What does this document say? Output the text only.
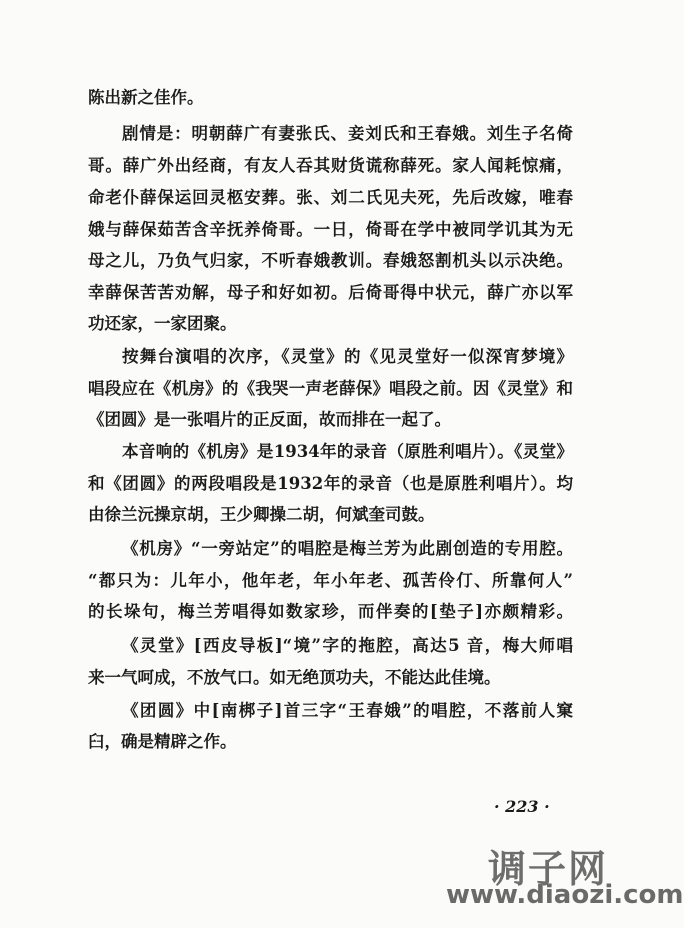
陈出新之佳作。
剧情是：明朝薛广有妻张氏、妾刘氏和王春娥。刘生子名倚
哥。薛广外出经商，有友人吞其财货谎称薛死。家人闻耗惊痛，
命老仆薛保运回灵柩安葬。张、刘二氏见夫死，先后改嫁，唯春
娥与薛保茹苦含辛抚养倚哥。一日，倚哥在学中被同学讥其为无
母之儿，乃负气归家，不听春娥教训。春娥怒割机头以示决绝。
幸薛保苦苦劝解，母子和好如初。后倚哥得中状元，薛广亦以军
功还家，一家团聚。
按舞台演唱的次序，《灵堂》的《见灵堂好一似深宵梦境》
唱段应在《机房》的《我哭一声老薛保》唱段之前。因《灵堂》和
《团圆》是一张唱片的正反面，故而排在一起了。
本音响的《机房》是1934年的录音（原胜利唱片）。《灵堂》
和《团圆》的两段唱段是1932年的录音（也是原胜利唱片）。均
由徐兰沅操京胡，王少卿操二胡，何斌奎司鼓。
《机房》“一旁站定”的唱腔是梅兰芳为此剧创造的专用腔。
“都只为：儿年小，他年老，年小年老、孤苦伶仃、所靠何人”
的长垛句，梅兰芳唱得如数家珍，而伴奏的[垫子]亦颇精彩。
《灵堂》[西皮导板]“境”字的拖腔，高达5 音，梅大师唱
来一气呵成，不放气口。如无绝顶功夫，不能达此佳境。
《团圆》中[南梆子]首三字“王春娥”的唱腔，不落前人窠
臼，确是精辟之作。
· 223 ·
调子网
www.diaozi.com
